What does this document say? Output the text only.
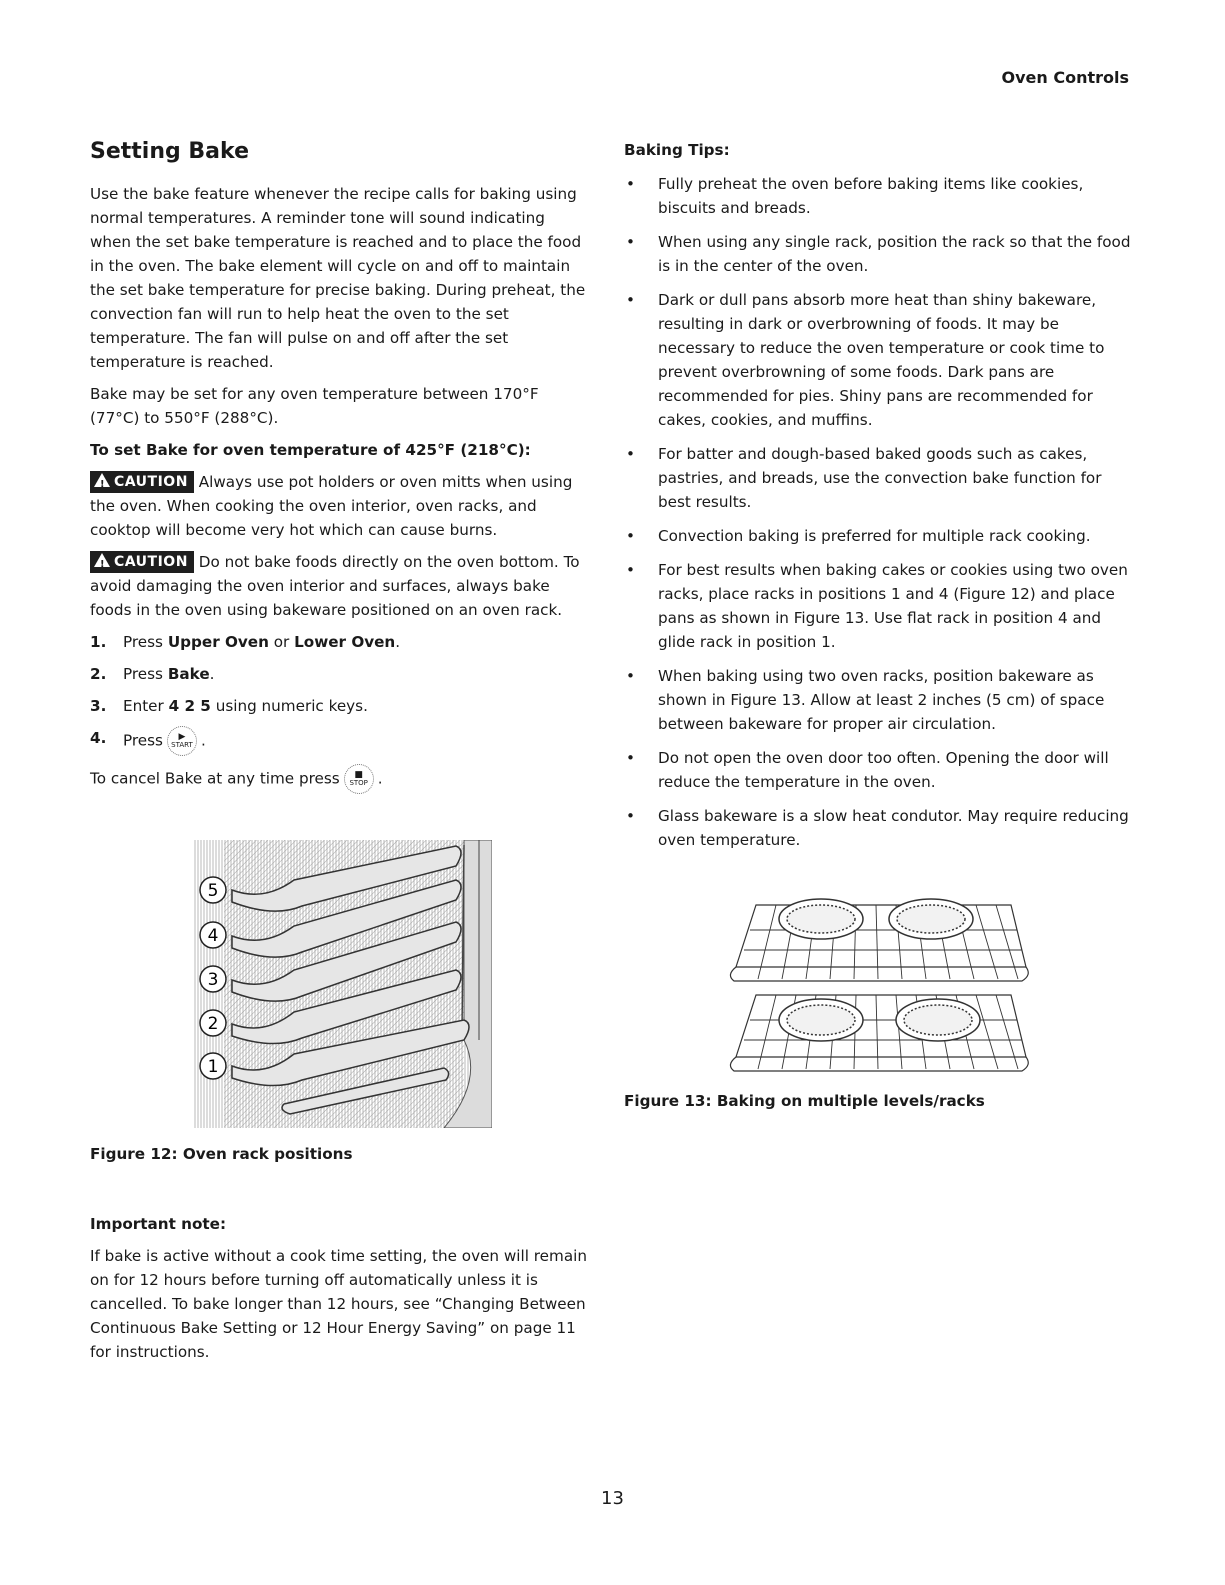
Oven Controls
Setting Bake

Use the bake feature whenever the recipe calls for baking using normal temperatures. A reminder tone will sound indicating when the set bake temperature is reached and to place the food in the oven. The bake element will cycle on and off to maintain the set bake temperature for precise baking. During preheat, the convection fan will run to help heat the oven to the set temperature. The fan will pulse on and off after the set temperature is reached.

Bake may be set for any oven temperature between 170°F (77°C) to 550°F (288°C).

To set Bake for oven temperature of 425°F (218°C):

!CAUTION Always use pot holders or oven mitts when using the oven. When cooking the oven interior, oven racks, and cooktop will become very hot which can cause burns.

!CAUTION Do not bake foods directly on the oven bottom. To avoid damaging the oven interior and surfaces, always bake foods in the oven using bakeware positioned on an oven rack.

1.	Press Upper Oven or Lower Oven.
2.	Press Bake.
3.	Enter 4 2 5 using numeric keys.
4.	Press	▶
START .

To cancel Bake at any time press	■
STOP .

5
4
3
2
1
Figure 12: Oven rack positions

Important note:

If bake is active without a cook time setting, the oven will remain on for 12 hours before turning off automatically unless it is cancelled. To bake longer than 12 hours, see “Changing Between Continuous Bake Setting or 12 Hour Energy Saving” on page 11 for instructions.

Baking Tips:

•	Fully preheat the oven before baking items like cookies, biscuits and breads.
•	When using any single rack, position the rack so that the food is in the center of the oven.
•	Dark or dull pans absorb more heat than shiny bakeware, resulting in dark or overbrowning of foods. It may be necessary to reduce the oven temperature or cook time to prevent overbrowning of some foods. Dark pans are recommended for pies. Shiny pans are recommended for cakes, cookies, and muffins.
•	For batter and dough-based baked goods such as cakes, pastries, and breads, use the convection bake function for best results.
•	Convection baking is preferred for multiple rack cooking.
•	For best results when baking cakes or cookies using two oven racks, place racks in positions 1 and 4 (Figure 12) and place pans as shown in Figure 13. Use flat rack in position 4 and glide rack in position 1.
•	When baking using two oven racks, position bakeware as shown in Figure 13. Allow at least 2 inches (5 cm) of space between bakeware for proper air circulation.
•	Do not open the oven door too often. Opening the door will reduce the temperature in the oven.
•	Glass bakeware is a slow heat condutor. May require reducing oven temperature.
Figure 13: Baking on multiple levels/racks
13
